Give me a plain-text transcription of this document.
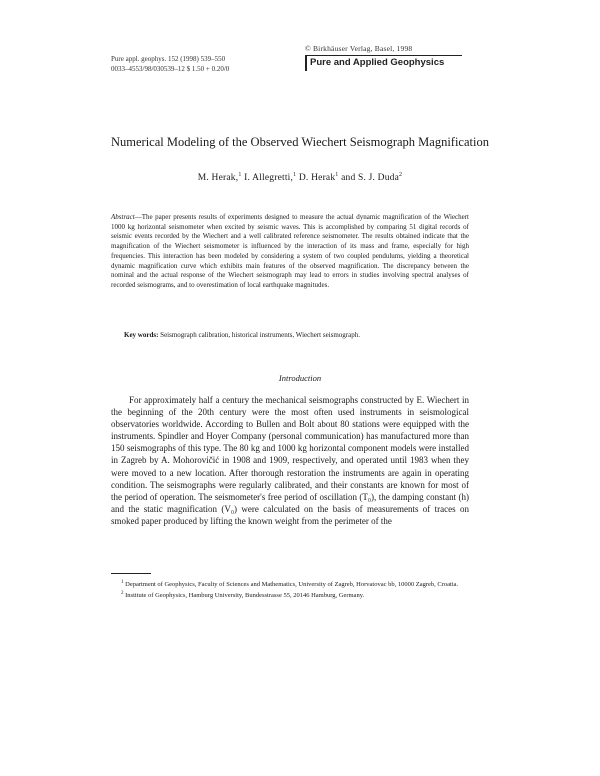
Pure appl. geophys. 152 (1998) 539–550
0033–4553/98/030539–12 $ 1.50 + 0.20/0
© Birkhäuser Verlag, Basel, 1998
Pure and Applied Geophysics
Numerical Modeling of the Observed Wiechert Seismograph Magnification
M. Herak,$^1$ I. Allegretti,$^1$ D. Herak$^1$ and S. J. Duda$^2$
Abstract—The paper presents results of experiments designed to measure the actual dynamic magnification of the Wiechert 1000 kg horizontal seismometer when excited by seismic waves. This is accomplished by comparing 51 digital records of seismic events recorded by the Wiechert and a well calibrated reference seismometer. The results obtained indicate that the magnification of the Wiechert seismometer is influenced by the interaction of its mass and frame, especially for high frequencies. This interaction has been modeled by considering a system of two coupled pendulums, yielding a theoretical dynamic magnification curve which exhibits main features of the observed magnification. The discrepancy between the nominal and the actual response of the Wiechert seismograph may lead to errors in studies involving spectral analyses of recorded seismograms, and to overestimation of local earthquake magnitudes.
Key words: Seismograph calibration, historical instruments, Wiechert seismograph.
Introduction

For approximately half a century the mechanical seismographs constructed by E. Wiechert in the beginning of the 20th century were the most often used instruments in seismological observatories worldwide. According to Bullen and Bolt about 80 stations were equipped with the instruments. Spindler and Hoyer Company (personal communication) has manufactured more than 150 seismographs of this type. The 80 kg and 1000 kg horizontal component models were installed in Zagreb by A. Mohorovičić in 1908 and 1909, respectively, and operated until 1983 when they were moved to a new location. After thorough restoration the instruments are again in operating condition. The seismographs were regularly calibrated, and their constants are known for most of the period of operation. The seismometer's free period of oscillation (T₀), the damping constant (h) and the static magnification (V₀) were calculated on the basis of measurements of traces on smoked paper produced by lifting the known weight from the perimeter of the

$^1$ Department of Geophysics, Faculty of Sciences and Mathematics, University of Zagreb, Horvatovac bb, 10000 Zagreb, Croatia.
$^2$ Institute of Geophysics, Hamburg University, Bundesstrasse 55, 20146 Hamburg, Germany.
